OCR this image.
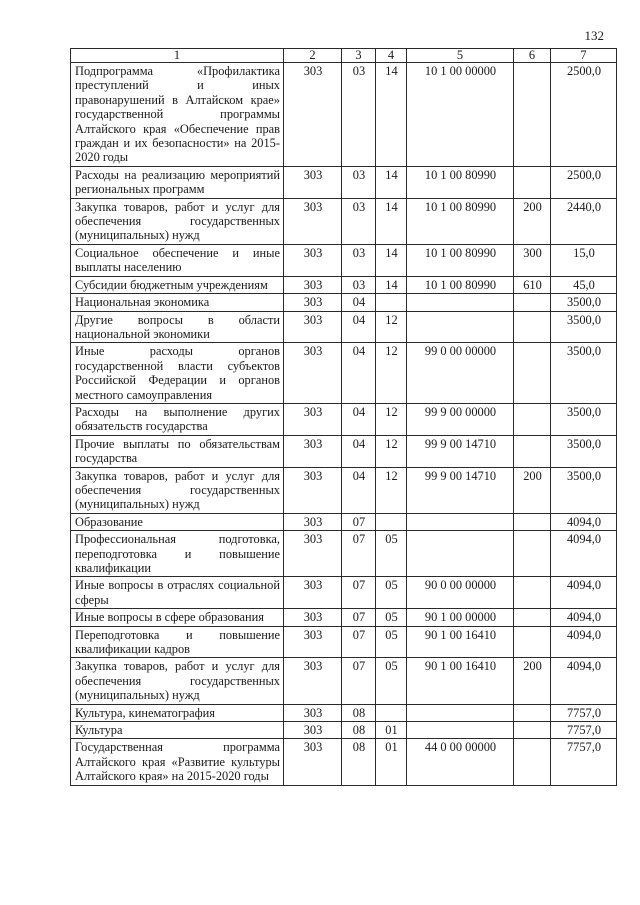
132
1	2	3	4	5	6	7
Подпрограмма «Профилактика преступлений и иных правонарушений в Алтайском крае» государственной программы Алтайского края «Обеспечение прав граждан и их безопасности» на 2015-2020 годы	303	03	14	10 1 00 00000		2500,0
Расходы на реализацию мероприятий региональных программ	303	03	14	10 1 00 80990		2500,0
Закупка товаров, работ и услуг для обеспечения государственных (муниципальных) нужд	303	03	14	10 1 00 80990	200	2440,0
Социальное обеспечение и иные выплаты населению	303	03	14	10 1 00 80990	300	15,0
Субсидии бюджетным учреждениям	303	03	14	10 1 00 80990	610	45,0
Национальная экономика	303	04				3500,0
Другие вопросы в области национальной экономики	303	04	12			3500,0
Иные расходы органов государственной власти субъектов Российской Федерации и органов местного самоуправления	303	04	12	99 0 00 00000		3500,0
Расходы на выполнение других обязательств государства	303	04	12	99 9 00 00000		3500,0
Прочие выплаты по обязательствам государства	303	04	12	99 9 00 14710		3500,0
Закупка товаров, работ и услуг для обеспечения государственных (муниципальных) нужд	303	04	12	99 9 00 14710	200	3500,0
Образование	303	07				4094,0
Профессиональная подготовка, переподготовка и повышение квалификации	303	07	05			4094,0
Иные вопросы в отраслях социальной сферы	303	07	05	90 0 00 00000		4094,0
Иные вопросы в сфере образования	303	07	05	90 1 00 00000		4094,0
Переподготовка и повышение квалификации кадров	303	07	05	90 1 00 16410		4094,0
Закупка товаров, работ и услуг для обеспечения государственных (муниципальных) нужд	303	07	05	90 1 00 16410	200	4094,0
Культура, кинематография	303	08				7757,0
Культура	303	08	01			7757,0
Государственная программа Алтайского края «Развитие культуры Алтайского края» на 2015-2020 годы	303	08	01	44 0 00 00000		7757,0
